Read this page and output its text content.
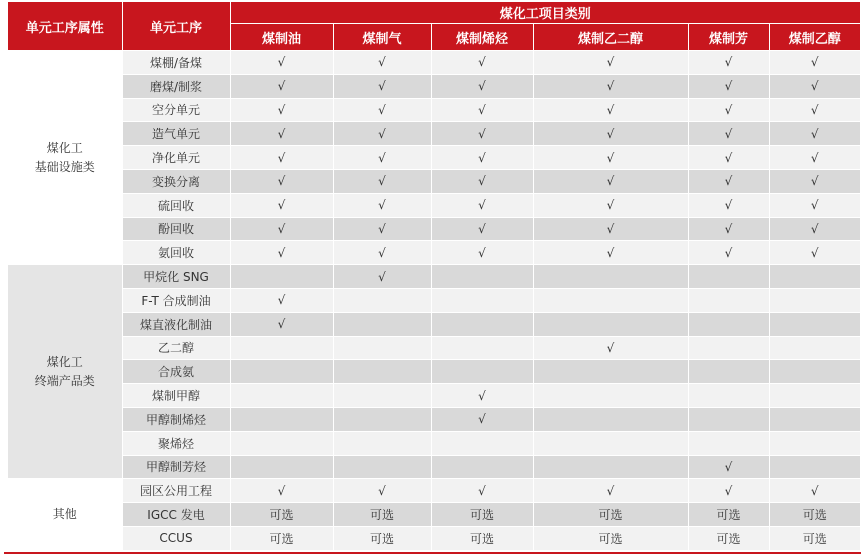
单元工序属性	单元工序	煤化工项目类别					
		煤制油	煤制气	煤制烯烃	煤制乙二醇	煤制芳	煤制乙醇

煤化工
基础设施类	煤棚/备煤	√	√	√	√	√	√
	磨煤/制浆	√	√	√	√	√	√
	空分单元	√	√	√	√	√	√
	造气单元	√	√	√	√	√	√
	净化单元	√	√	√	√	√	√
	变换分离	√	√	√	√	√	√
	硫回收	√	√	√	√	√	√
	酚回收	√	√	√	√	√	√
	氨回收	√	√	√	√	√	√

煤化工
终端产品类	甲烷化 SNG		√				
	F-T 合成制油	√					
	煤直液化制油	√					
	乙二醇				√		
	合成氨						
	煤制甲醇			√			
	甲醇制烯烃			√			
	聚烯烃						
	甲醇制芳烃					√	

其他	园区公用工程	√	√	√	√	√	√
	IGCC 发电	可选	可选	可选	可选	可选	可选
	CCUS	可选	可选	可选	可选	可选	可选
